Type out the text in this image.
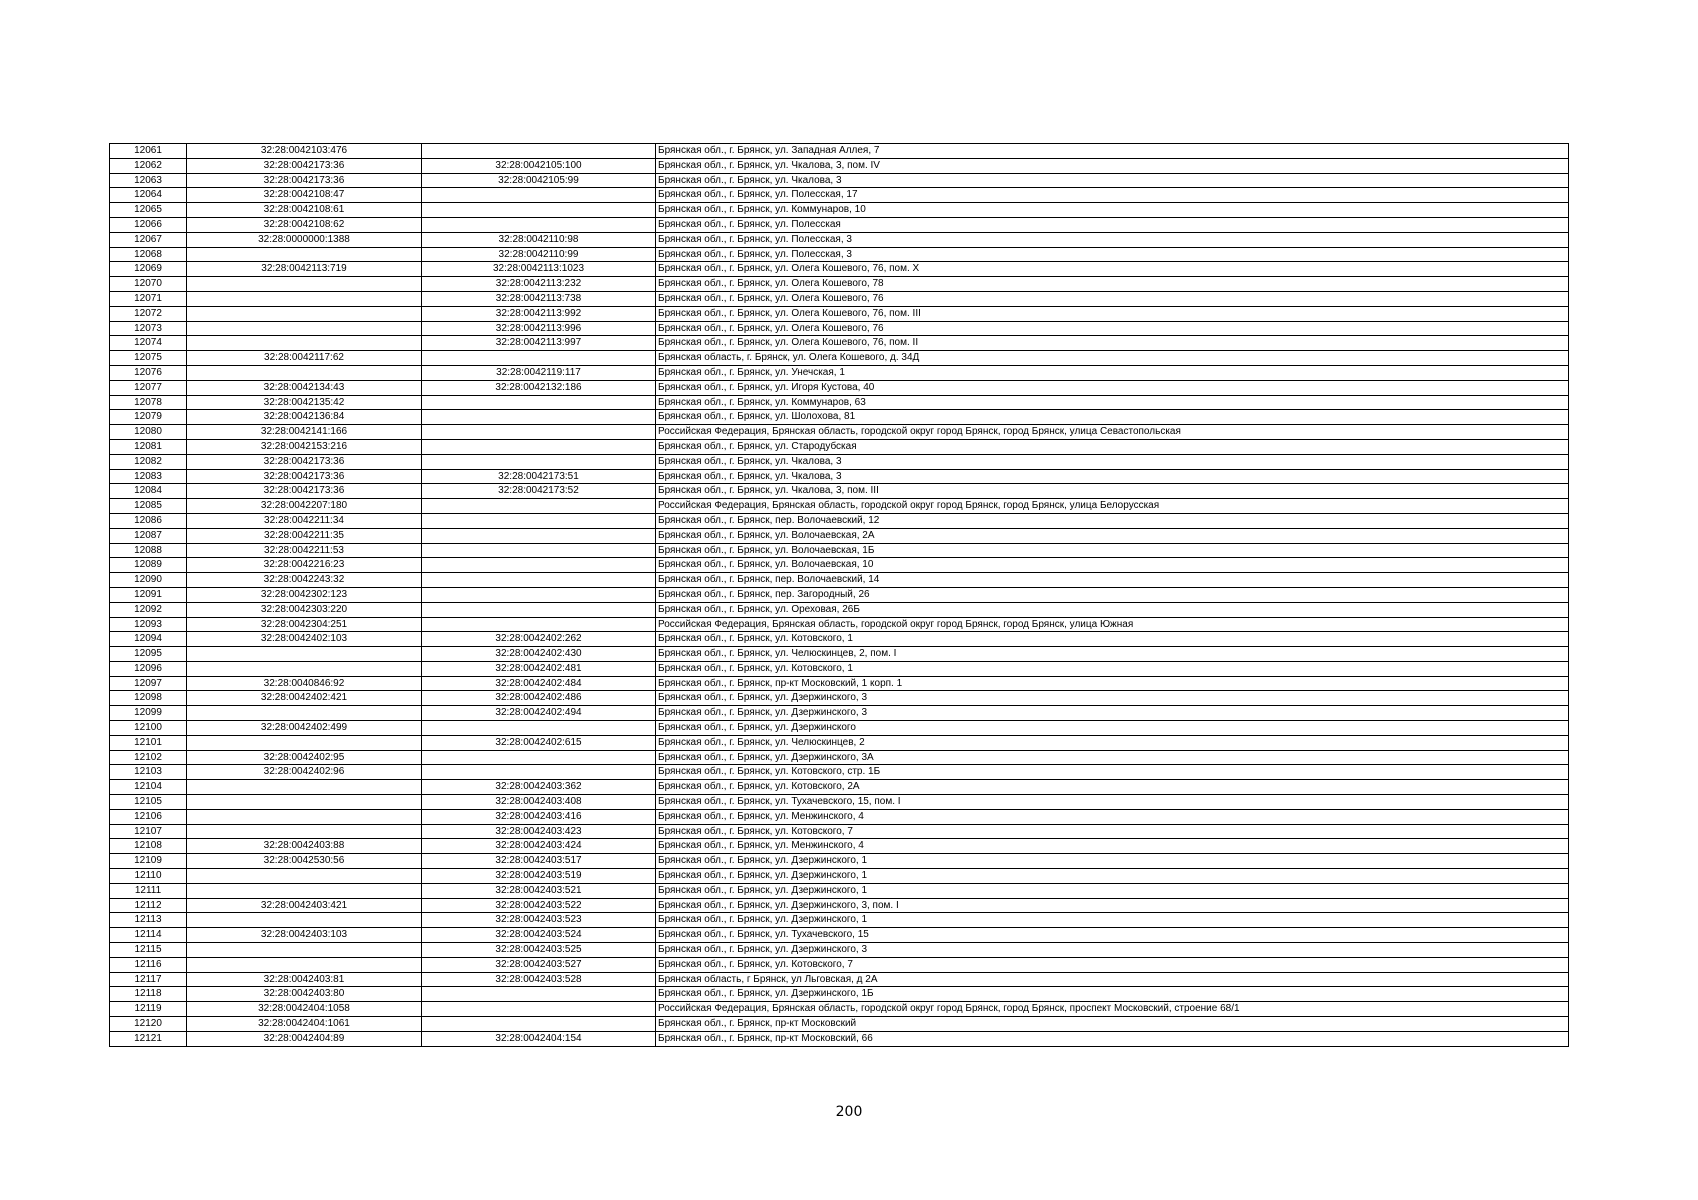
12061	32:28:0042103:476		Брянская обл., г. Брянск, ул. Западная Аллея, 7
12062	32:28:0042173:36	32:28:0042105:100	Брянская обл., г. Брянск, ул. Чкалова, 3, пом. IV
12063	32:28:0042173:36	32:28:0042105:99	Брянская обл., г. Брянск, ул. Чкалова, 3
12064	32:28:0042108:47		Брянская обл., г. Брянск, ул. Полесская, 17
12065	32:28:0042108:61		Брянская обл., г. Брянск, ул. Коммунаров, 10
12066	32:28:0042108:62		Брянская обл., г. Брянск, ул. Полесская
12067	32:28:0000000:1388	32:28:0042110:98	Брянская обл., г. Брянск, ул. Полесская, 3
12068		32:28:0042110:99	Брянская обл., г. Брянск, ул. Полесская, 3
12069	32:28:0042113:719	32:28:0042113:1023	Брянская обл., г. Брянск, ул. Олега Кошевого, 76, пом. X
12070		32:28:0042113:232	Брянская обл., г. Брянск, ул. Олега Кошевого, 78
12071		32:28:0042113:738	Брянская обл., г. Брянск, ул. Олега Кошевого, 76
12072		32:28:0042113:992	Брянская обл., г. Брянск, ул. Олега Кошевого, 76, пом. III
12073		32:28:0042113:996	Брянская обл., г. Брянск, ул. Олега Кошевого, 76
12074		32:28:0042113:997	Брянская обл., г. Брянск, ул. Олега Кошевого, 76, пом. II
12075	32:28:0042117:62		Брянская область, г. Брянск, ул. Олега Кошевого, д. 34Д
12076		32:28:0042119:117	Брянская обл., г. Брянск, ул. Унечская, 1
12077	32:28:0042134:43	32:28:0042132:186	Брянская обл., г. Брянск, ул. Игоря Кустова, 40
12078	32:28:0042135:42		Брянская обл., г. Брянск, ул. Коммунаров, 63
12079	32:28:0042136:84		Брянская обл., г. Брянск, ул. Шолохова, 81
12080	32:28:0042141:166		Российская Федерация, Брянская область, городской округ город Брянск, город Брянск, улица Севастопольская
12081	32:28:0042153:216		Брянская обл., г. Брянск, ул. Стародубская
12082	32:28:0042173:36		Брянская обл., г. Брянск, ул. Чкалова, 3
12083	32:28:0042173:36	32:28:0042173:51	Брянская обл., г. Брянск, ул. Чкалова, 3
12084	32:28:0042173:36	32:28:0042173:52	Брянская обл., г. Брянск, ул. Чкалова, 3, пом. III
12085	32:28:0042207:180		Российская Федерация, Брянская область, городской округ город Брянск, город Брянск, улица Белорусская
12086	32:28:0042211:34		Брянская обл., г. Брянск, пер. Волочаевский, 12
12087	32:28:0042211:35		Брянская обл., г. Брянск, ул. Волочаевская, 2А
12088	32:28:0042211:53		Брянская обл., г. Брянск, ул. Волочаевская, 1Б
12089	32:28:0042216:23		Брянская обл., г. Брянск, ул. Волочаевская, 10
12090	32:28:0042243:32		Брянская обл., г. Брянск, пер. Волочаевский, 14
12091	32:28:0042302:123		Брянская обл., г. Брянск, пер. Загородный, 26
12092	32:28:0042303:220		Брянская обл., г. Брянск, ул. Ореховая, 26Б
12093	32:28:0042304:251		Российская Федерация, Брянская область, городской округ город Брянск, город Брянск, улица Южная
12094	32:28:0042402:103	32:28:0042402:262	Брянская обл., г. Брянск, ул. Котовского, 1
12095		32:28:0042402:430	Брянская обл., г. Брянск, ул. Челюскинцев, 2, пом. I
12096		32:28:0042402:481	Брянская обл., г. Брянск, ул. Котовского, 1
12097	32:28:0040846:92	32:28:0042402:484	Брянская обл., г. Брянск, пр-кт Московский, 1 корп. 1
12098	32:28:0042402:421	32:28:0042402:486	Брянская обл., г. Брянск, ул. Дзержинского, 3
12099		32:28:0042402:494	Брянская обл., г. Брянск, ул. Дзержинского, 3
12100	32:28:0042402:499		Брянская обл., г. Брянск, ул. Дзержинского
12101		32:28:0042402:615	Брянская обл., г. Брянск, ул. Челюскинцев, 2
12102	32:28:0042402:95		Брянская обл., г. Брянск, ул. Дзержинского, 3А
12103	32:28:0042402:96		Брянская обл., г. Брянск, ул. Котовского, стр. 1Б
12104		32:28:0042403:362	Брянская обл., г. Брянск, ул. Котовского, 2А
12105		32:28:0042403:408	Брянская обл., г. Брянск, ул. Тухачевского, 15, пом. I
12106		32:28:0042403:416	Брянская обл., г. Брянск, ул. Менжинского, 4
12107		32:28:0042403:423	Брянская обл., г. Брянск, ул. Котовского, 7
12108	32:28:0042403:88	32:28:0042403:424	Брянская обл., г. Брянск, ул. Менжинского, 4
12109	32:28:0042530:56	32:28:0042403:517	Брянская обл., г. Брянск, ул. Дзержинского, 1
12110		32:28:0042403:519	Брянская обл., г. Брянск, ул. Дзержинского, 1
12111		32:28:0042403:521	Брянская обл., г. Брянск, ул. Дзержинского, 1
12112	32:28:0042403:421	32:28:0042403:522	Брянская обл., г. Брянск, ул. Дзержинского, 3, пом. I
12113		32:28:0042403:523	Брянская обл., г. Брянск, ул. Дзержинского, 1
12114	32:28:0042403:103	32:28:0042403:524	Брянская обл., г. Брянск, ул. Тухачевского, 15
12115		32:28:0042403:525	Брянская обл., г. Брянск, ул. Дзержинского, 3
12116		32:28:0042403:527	Брянская обл., г. Брянск, ул. Котовского, 7
12117	32:28:0042403:81	32:28:0042403:528	Брянская область, г Брянск, ул Льговская, д 2А
12118	32:28:0042403:80		Брянская обл., г. Брянск, ул. Дзержинского, 1Б
12119	32:28:0042404:1058		Российская Федерация, Брянская область, городской округ город Брянск, город Брянск, проспект Московский, строение 68/1
12120	32:28:0042404:1061		Брянская обл., г. Брянск, пр-кт Московский
12121	32:28:0042404:89	32:28:0042404:154	Брянская обл., г. Брянск, пр-кт Московский, 66
200
